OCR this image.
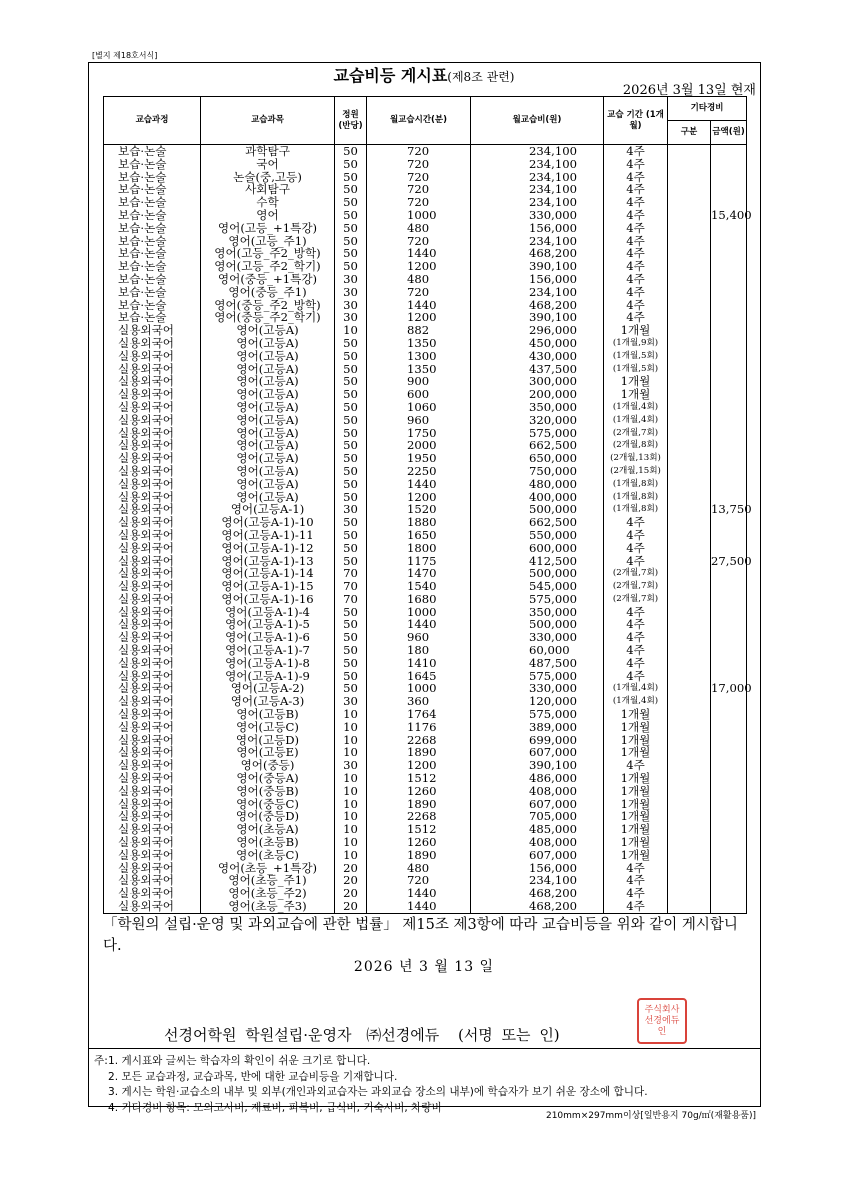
[별지 제18호서식]
교습비등 게시표(제8조 관련)
2026년 3월 13일 현재
교습과정	교습과목	정원 (반당)	월교습시간(분)	월교습비(원)	교습 기간 (1개월)	기타경비	
						구분	금액(원)
보습·논술	과학탐구	50	720	234,100	4주		
보습·논술	국어	50	720	234,100	4주		
보습·논술	논술(중,고등)	50	720	234,100	4주		
보습·논술	사회탐구	50	720	234,100	4주		
보습·논술	수학	50	720	234,100	4주		
보습·논술	영어	50	1000	330,000	4주		15,400
보습·논술	영어(고등_+1특강)	50	480	156,000	4주		
보습·논술	영어(고등_주1)	50	720	234,100	4주		
보습·논술	영어(고등_주2_방학)	50	1440	468,200	4주		
보습·논술	영어(고등_주2_학기)	50	1200	390,100	4주		
보습·논술	영어(중등_+1특강)	30	480	156,000	4주		
보습·논술	영어(중등_주1)	30	720	234,100	4주		
보습·논술	영어(중등_주2_방학)	30	1440	468,200	4주		
보습·논술	영어(중등_주2_학기)	30	1200	390,100	4주		
실용외국어	영어(고등A)	10	882	296,000	1개월		
실용외국어	영어(고등A)	50	1350	450,000	(1개월,9회)		
실용외국어	영어(고등A)	50	1300	430,000	(1개월,5회)		
실용외국어	영어(고등A)	50	1350	437,500	(1개월,5회)		
실용외국어	영어(고등A)	50	900	300,000	1개월		
실용외국어	영어(고등A)	50	600	200,000	1개월		
실용외국어	영어(고등A)	50	1060	350,000	(1개월,4회)		
실용외국어	영어(고등A)	50	960	320,000	(1개월,4회)		
실용외국어	영어(고등A)	50	1750	575,000	(2개월,7회)		
실용외국어	영어(고등A)	50	2000	662,500	(2개월,8회)		
실용외국어	영어(고등A)	50	1950	650,000	(2개월,13회)		
실용외국어	영어(고등A)	50	2250	750,000	(2개월,15회)		
실용외국어	영어(고등A)	50	1440	480,000	(1개월,8회)		
실용외국어	영어(고등A)	50	1200	400,000	(1개월,8회)		
실용외국어	영어(고등A-1)	30	1520	500,000	(1개월,8회)		13,750
실용외국어	영어(고등A-1)-10	50	1880	662,500	4주		
실용외국어	영어(고등A-1)-11	50	1650	550,000	4주		
실용외국어	영어(고등A-1)-12	50	1800	600,000	4주		
실용외국어	영어(고등A-1)-13	50	1175	412,500	4주		27,500
실용외국어	영어(고등A-1)-14	70	1470	500,000	(2개월,7회)		
실용외국어	영어(고등A-1)-15	70	1540	545,000	(2개월,7회)		
실용외국어	영어(고등A-1)-16	70	1680	575,000	(2개월,7회)		
실용외국어	영어(고등A-1)-4	50	1000	350,000	4주		
실용외국어	영어(고등A-1)-5	50	1440	500,000	4주		
실용외국어	영어(고등A-1)-6	50	960	330,000	4주		
실용외국어	영어(고등A-1)-7	50	180	60,000	4주		
실용외국어	영어(고등A-1)-8	50	1410	487,500	4주		
실용외국어	영어(고등A-1)-9	50	1645	575,000	4주		
실용외국어	영어(고등A-2)	50	1000	330,000	(1개월,4회)		17,000
실용외국어	영어(고등A-3)	30	360	120,000	(1개월,4회)		
실용외국어	영어(고등B)	10	1764	575,000	1개월		
실용외국어	영어(고등C)	10	1176	389,000	1개월		
실용외국어	영어(고등D)	10	2268	699,000	1개월		
실용외국어	영어(고등E)	10	1890	607,000	1개월		
실용외국어	영어(중등)	30	1200	390,100	4주		
실용외국어	영어(중등A)	10	1512	486,000	1개월		
실용외국어	영어(중등B)	10	1260	408,000	1개월		
실용외국어	영어(중등C)	10	1890	607,000	1개월		
실용외국어	영어(중등D)	10	2268	705,000	1개월		
실용외국어	영어(초등A)	10	1512	485,000	1개월		
실용외국어	영어(초등B)	10	1260	408,000	1개월		
실용외국어	영어(초등C)	10	1890	607,000	1개월		
실용외국어	영어(초등_+1특강)	20	480	156,000	4주		
실용외국어	영어(초등_주1)	20	720	234,100	4주		
실용외국어	영어(초등_주2)	20	1440	468,200	4주		
실용외국어	영어(초등_주3)	20	1440	468,200	4주		
「학원의 설립·운영 및 과외교습에 관한 법률」 제15조 제3항에 따라 교습비등을 위와 같이 게시합니다.
2026 년 3 월 13 일
선경어학원 학원설립·운영자 ㈜선경에듀 (서명 또는 인)
주식회사선경에듀인
주: 1. 게시표와 글씨는 학습자의 확인이 쉬운 크기로 합니다.
2. 모든 교습과정, 교습과목, 반에 대한 교습비등을 기재합니다.
3. 게시는 학원·교습소의 내부 및 외부(개인과외교습자는 과외교습 장소의 내부)에 학습자가 보기 쉬운 장소에 합니다.
4. 기타경비 항목: 모의고사비, 재료비, 피복비, 급식비, 기숙사비, 차량비
210mm×297mm이상[일반용지 70g/㎡(재활용품)]
